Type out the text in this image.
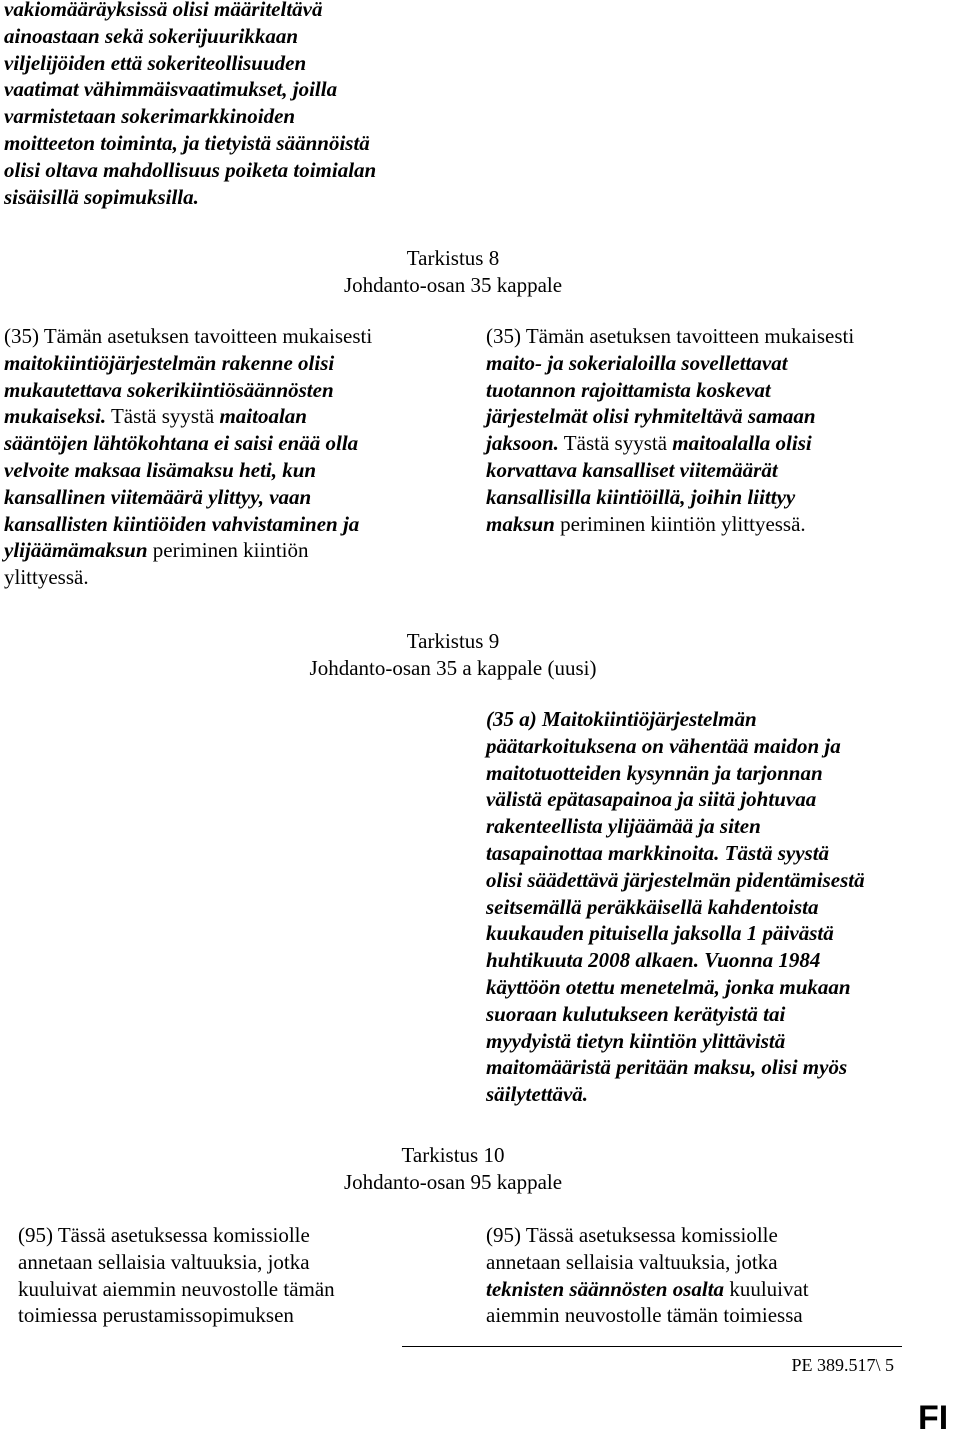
vakiomääräyksissä olisi määriteltävä
ainoastaan sekä sokerijuurikkaan
viljelijöiden että sokeriteollisuuden
vaatimat vähimmäisvaatimukset, joilla
varmistetaan sokerimarkkinoiden
moitteeton toiminta, ja tietyistä säännöistä
olisi oltava mahdollisuus poiketa toimialan
sisäisillä sopimuksilla.
Tarkistus 8
Johdanto-osan 35 kappale
(35) Tämän asetuksen tavoitteen mukaisesti
maitokiintiöjärjestelmän rakenne olisi
mukautettava sokerikiintiösäännösten
mukaiseksi. Tästä syystä maitoalan
sääntöjen lähtökohtana ei saisi enää olla
velvoite maksaa lisämaksu heti, kun
kansallinen viitemäärä ylittyy, vaan
kansallisten kiintiöiden vahvistaminen ja
ylijäämämaksun periminen kiintiön
ylittyessä.
(35) Tämän asetuksen tavoitteen mukaisesti
maito- ja sokerialoilla sovellettavat
tuotannon rajoittamista koskevat
järjestelmät olisi ryhmiteltävä samaan
jaksoon. Tästä syystä maitoalalla olisi
korvattava kansalliset viitemäärät
kansallisilla kiintiöillä, joihin liittyy
maksun periminen kiintiön ylittyessä.
Tarkistus 9
Johdanto-osan 35 a kappale (uusi)
(35 a) Maitokiintiöjärjestelmän
päätarkoituksena on vähentää maidon ja
maitotuotteiden kysynnän ja tarjonnan
välistä epätasapainoa ja siitä johtuvaa
rakenteellista ylijäämää ja siten
tasapainottaa markkinoita. Tästä syystä
olisi säädettävä järjestelmän pidentämisestä
seitsemällä peräkkäisellä kahdentoista
kuukauden pituisella jaksolla 1 päivästä
huhtikuuta 2008 alkaen. Vuonna 1984
käyttöön otettu menetelmä, jonka mukaan
suoraan kulutukseen kerätyistä tai
myydyistä tietyn kiintiön ylittävistä
maitomääristä peritään maksu, olisi myös
säilytettävä.
Tarkistus 10
Johdanto-osan 95 kappale
(95) Tässä asetuksessa komissiolle
annetaan sellaisia valtuuksia, jotka
kuuluivat aiemmin neuvostolle tämän
toimiessa perustamissopimuksen
(95) Tässä asetuksessa komissiolle
annetaan sellaisia valtuuksia, jotka
teknisten säännösten osalta kuuluivat
aiemmin neuvostolle tämän toimiessa
PE 389.517\ 5
FI
